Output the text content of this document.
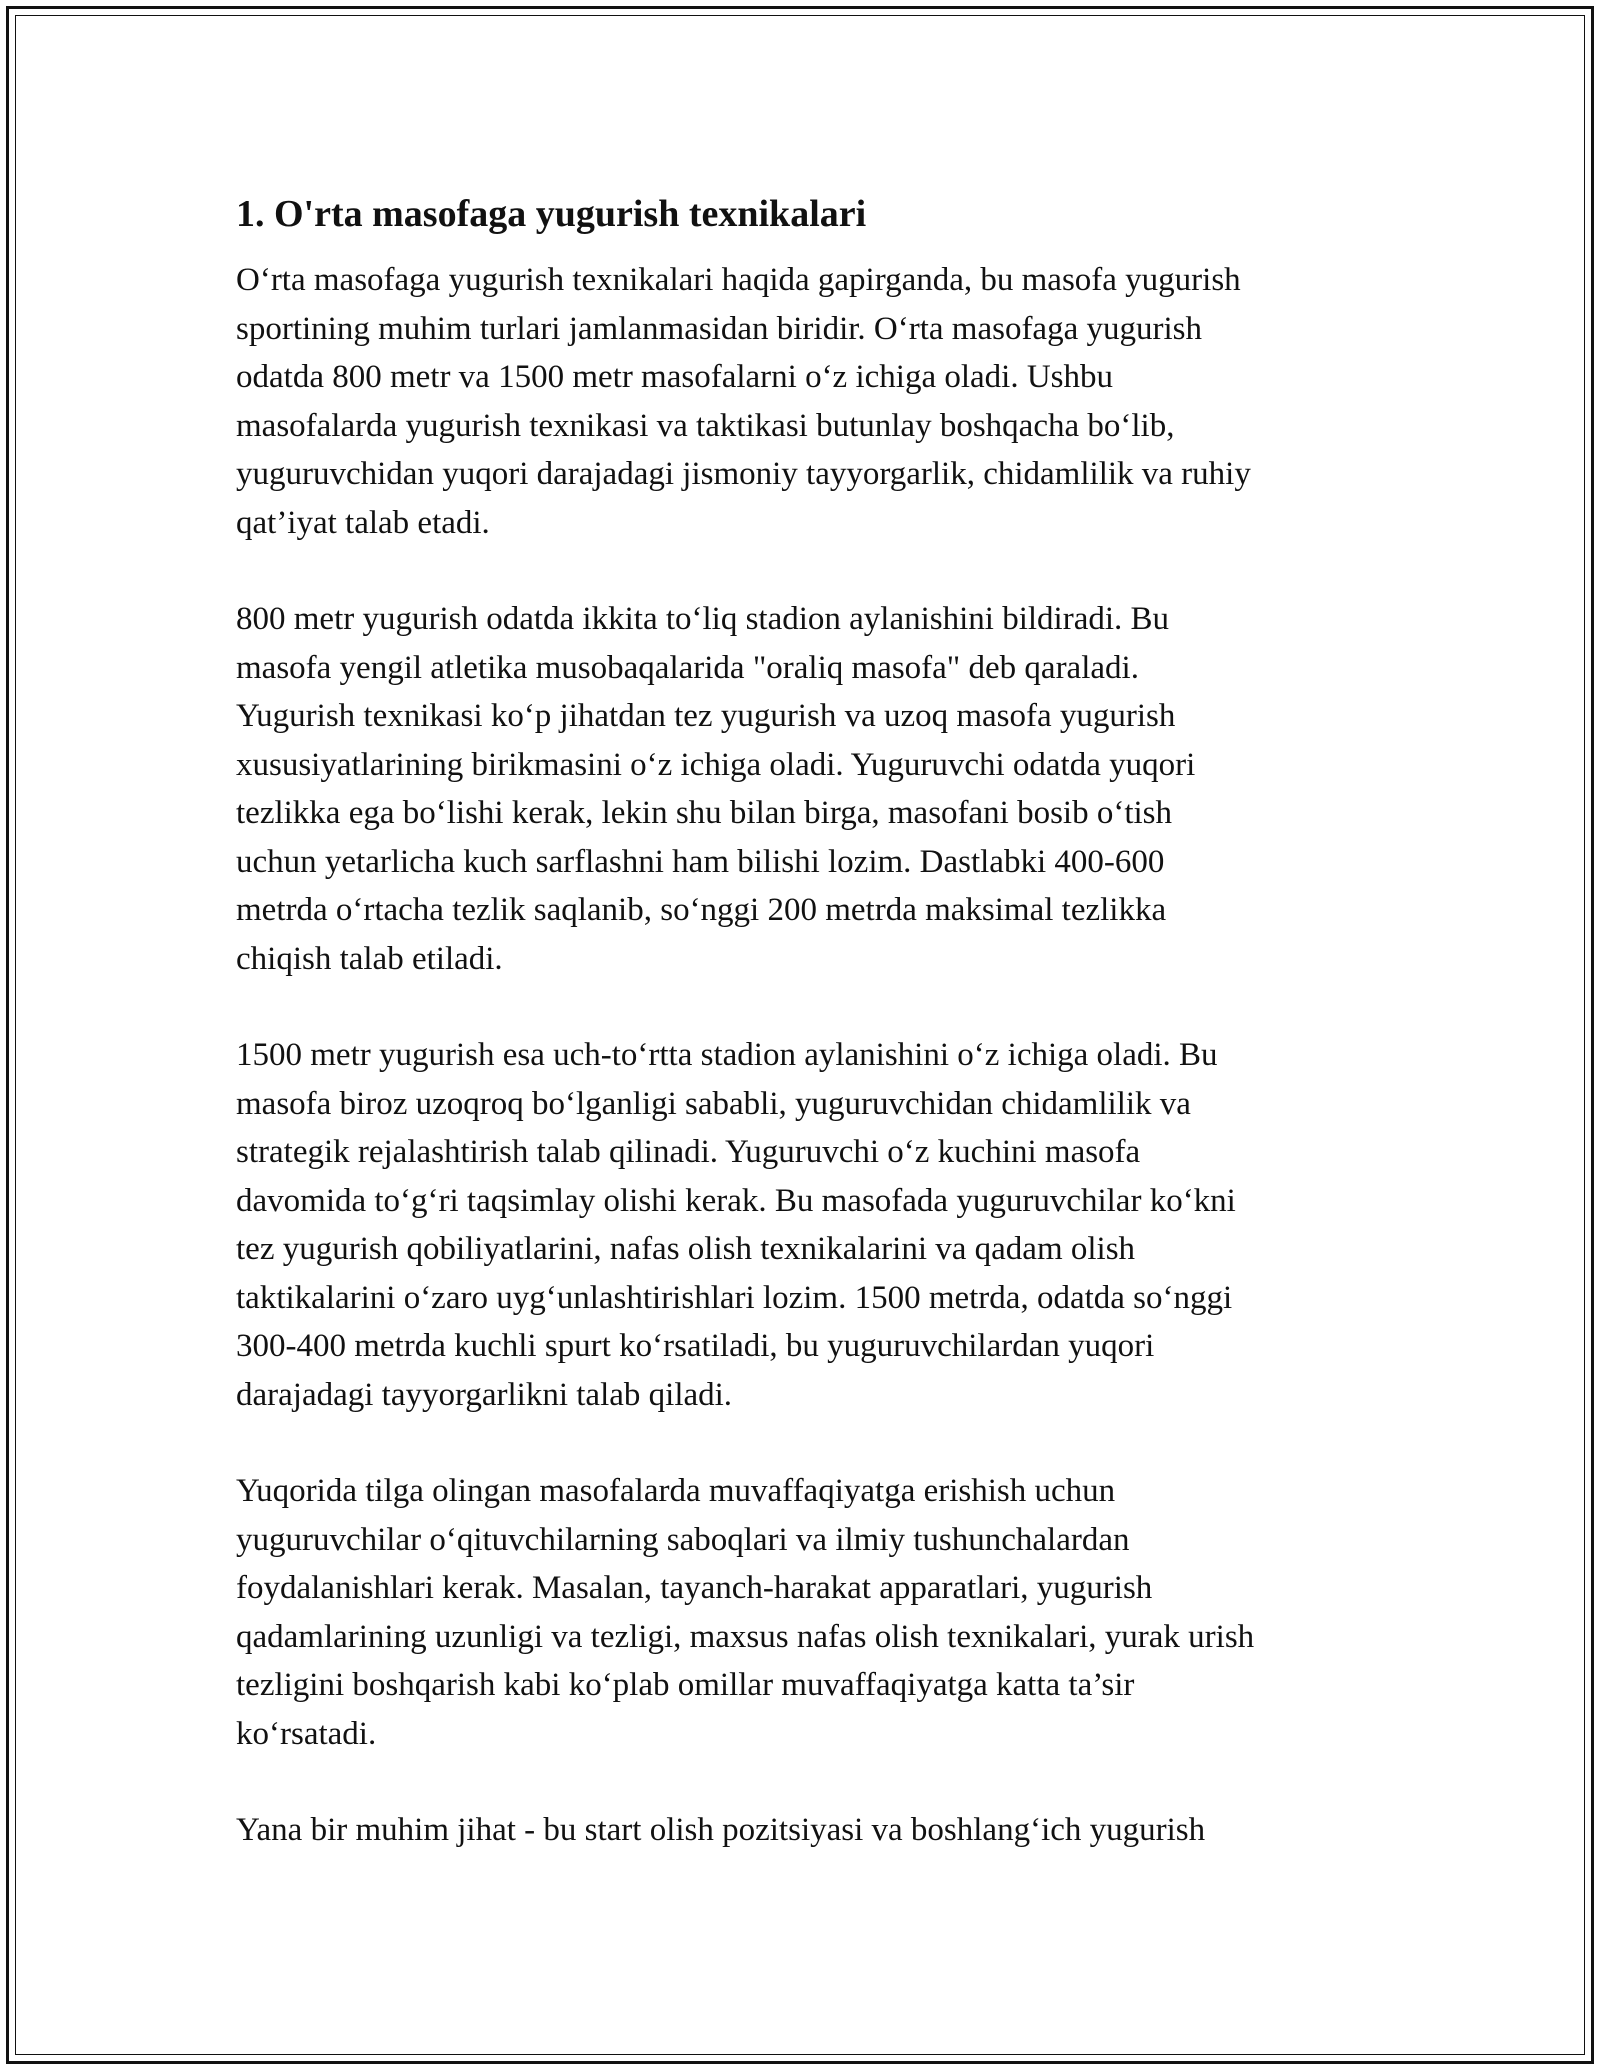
1. O'rta masofaga yugurish texnikalari

O‘rta masofaga yugurish texnikalari haqida gapirganda, bu masofa yugurish
sportining muhim turlari jamlanmasidan biridir. O‘rta masofaga yugurish
odatda 800 metr va 1500 metr masofalarni o‘z ichiga oladi. Ushbu
masofalarda yugurish texnikasi va taktikasi butunlay boshqacha bo‘lib,
yuguruvchidan yuqori darajadagi jismoniy tayyorgarlik, chidamlilik va ruhiy
qat’iyat talab etadi.

800 metr yugurish odatda ikkita to‘liq stadion aylanishini bildiradi. Bu
masofa yengil atletika musobaqalarida "oraliq masofa" deb qaraladi.
Yugurish texnikasi ko‘p jihatdan tez yugurish va uzoq masofa yugurish
xususiyatlarining birikmasini o‘z ichiga oladi. Yuguruvchi odatda yuqori
tezlikka ega bo‘lishi kerak, lekin shu bilan birga, masofani bosib o‘tish
uchun yetarlicha kuch sarflashni ham bilishi lozim. Dastlabki 400-600
metrda o‘rtacha tezlik saqlanib, so‘nggi 200 metrda maksimal tezlikka
chiqish talab etiladi.

1500 metr yugurish esa uch-to‘rtta stadion aylanishini o‘z ichiga oladi. Bu
masofa biroz uzoqroq bo‘lganligi sababli, yuguruvchidan chidamlilik va
strategik rejalashtirish talab qilinadi. Yuguruvchi o‘z kuchini masofa
davomida to‘g‘ri taqsimlay olishi kerak. Bu masofada yuguruvchilar ko‘kni
tez yugurish qobiliyatlarini, nafas olish texnikalarini va qadam olish
taktikalarini o‘zaro uyg‘unlashtirishlari lozim. 1500 metrda, odatda so‘nggi
300-400 metrda kuchli spurt ko‘rsatiladi, bu yuguruvchilardan yuqori
darajadagi tayyorgarlikni talab qiladi.

Yuqorida tilga olingan masofalarda muvaffaqiyatga erishish uchun
yuguruvchilar o‘qituvchilarning saboqlari va ilmiy tushunchalardan
foydalanishlari kerak. Masalan, tayanch-harakat apparatlari, yugurish
qadamlarining uzunligi va tezligi, maxsus nafas olish texnikalari, yurak urish
tezligini boshqarish kabi ko‘plab omillar muvaffaqiyatga katta ta’sir
ko‘rsatadi.

Yana bir muhim jihat - bu start olish pozitsiyasi va boshlang‘ich yugurish
